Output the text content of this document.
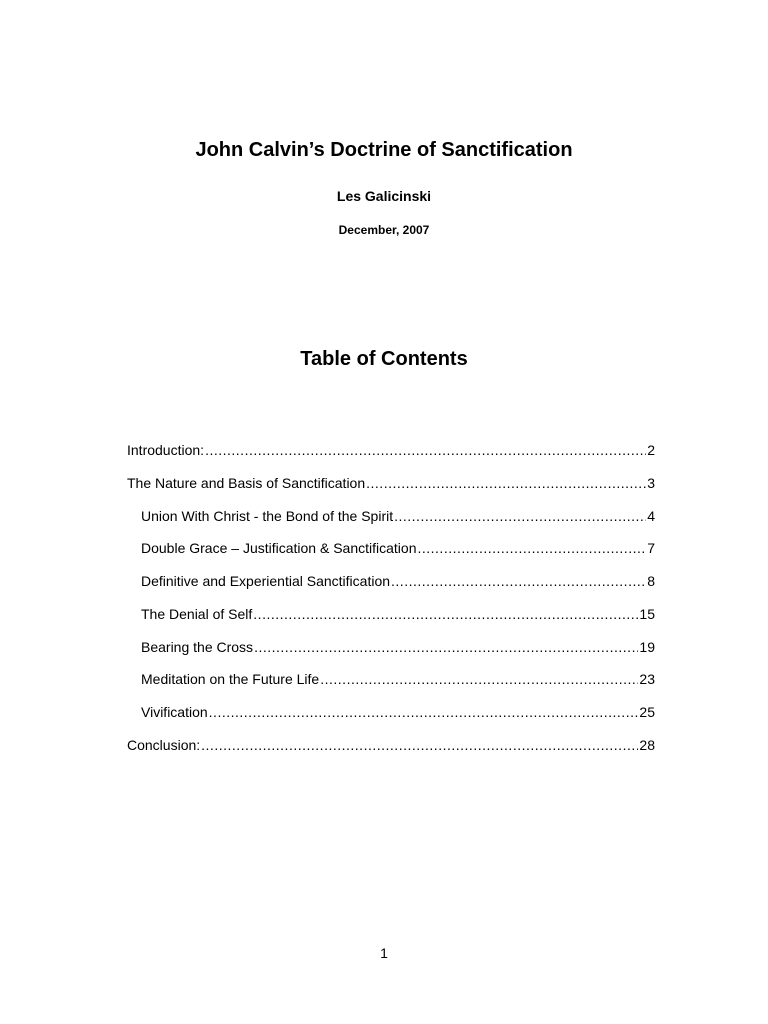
John Calvin’s Doctrine of Sanctification
Les Galicinski
December, 2007
Table of Contents
Introduction: .....	2
The Nature and Basis of Sanctification .....	3
Union With Christ - the Bond of the Spirit .....	4
Double Grace – Justification & Sanctification .....	7
Definitive and Experiential Sanctification .....	8
The Denial of Self .....	15
Bearing the Cross .....	19
Meditation on the Future Life .....	23
Vivification .....	25
Conclusion: .....	28
1
